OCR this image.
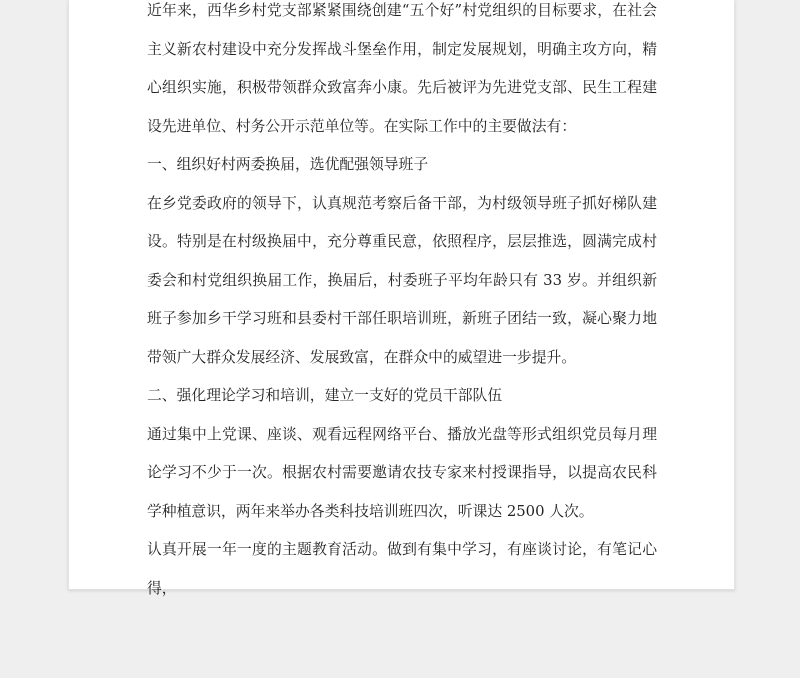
近年来，西华乡村党支部紧紧围绕创建“五个好”村党组织的目标要求，在社会主义新农村建设中充分发挥战斗堡垒作用，制定发展规划，明确主攻方向，精心组织实施，积极带领群众致富奔小康。先后被评为先进党支部、民生工程建设先进单位、村务公开示范单位等。在实际工作中的主要做法有：

一、组织好村两委换届，选优配强领导班子

在乡党委政府的领导下，认真规范考察后备干部，为村级领导班子抓好梯队建设。特别是在村级换届中，充分尊重民意，依照程序，层层推选，圆满完成村委会和村党组织换届工作，换届后，村委班子平均年龄只有 33 岁。并组织新班子参加乡干学习班和县委村干部任职培训班，新班子团结一致，凝心聚力地带领广大群众发展经济、发展致富，在群众中的威望进一步提升。

二、强化理论学习和培训，建立一支好的党员干部队伍

通过集中上党课、座谈、观看远程网络平台、播放光盘等形式组织党员每月理论学习不少于一次。根据农村需要邀请农技专家来村授课指导，以提高农民科学种植意识，两年来举办各类科技培训班四次，听课达 2500 人次。

认真开展一年一度的主题教育活动。做到有集中学习，有座谈讨论，有笔记心得，
